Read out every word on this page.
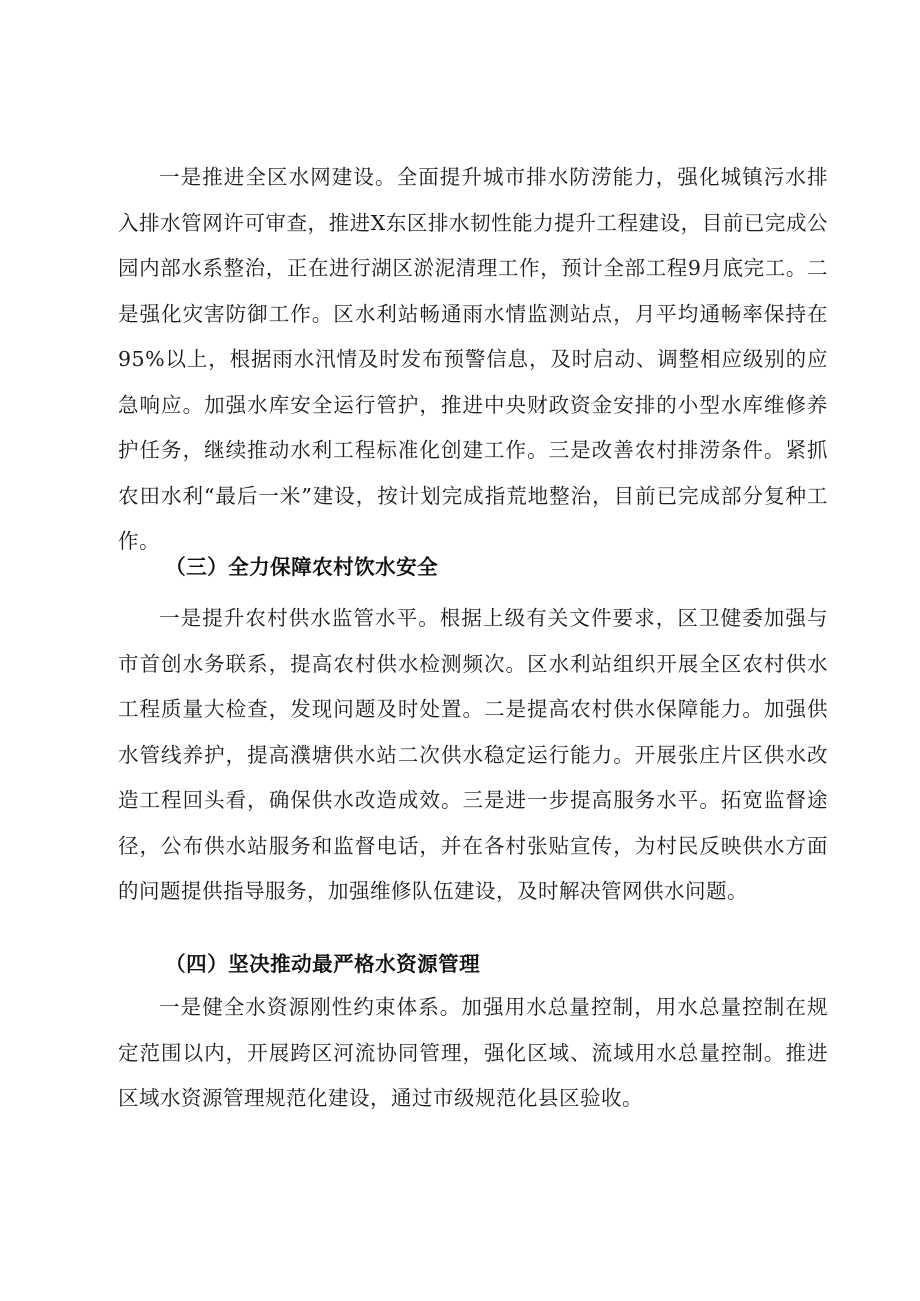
一是推进全区水网建设。全面提升城市排水防涝能力，强化城镇污水排入排水管网许可审查，推进X东区排水韧性能力提升工程建设，目前已完成公园内部水系整治，正在进行湖区淤泥清理工作，预计全部工程9月底完工。二是强化灾害防御工作。区水利站畅通雨水情监测站点，月平均通畅率保持在95%以上，根据雨水汛情及时发布预警信息，及时启动、调整相应级别的应急响应。加强水库安全运行管护，推进中央财政资金安排的小型水库维修养护任务，继续推动水利工程标准化创建工作。三是改善农村排涝条件。紧抓农田水利“最后一米”建设，按计划完成指荒地整治，目前已完成部分复种工作。

（三）全力保障农村饮水安全

一是提升农村供水监管水平。根据上级有关文件要求，区卫健委加强与市首创水务联系，提高农村供水检测频次。区水利站组织开展全区农村供水工程质量大检查，发现问题及时处置。二是提高农村供水保障能力。加强供水管线养护，提高濮塘供水站二次供水稳定运行能力。开展张庄片区供水改造工程回头看，确保供水改造成效。三是进一步提高服务水平。拓宽监督途径，公布供水站服务和监督电话，并在各村张贴宣传，为村民反映供水方面的问题提供指导服务，加强维修队伍建设，及时解决管网供水问题。

（四）坚决推动最严格水资源管理

一是健全水资源刚性约束体系。加强用水总量控制，用水总量控制在规定范围以内，开展跨区河流协同管理，强化区域、流域用水总量控制。推进区域水资源管理规范化建设，通过市级规范化县区验收。
